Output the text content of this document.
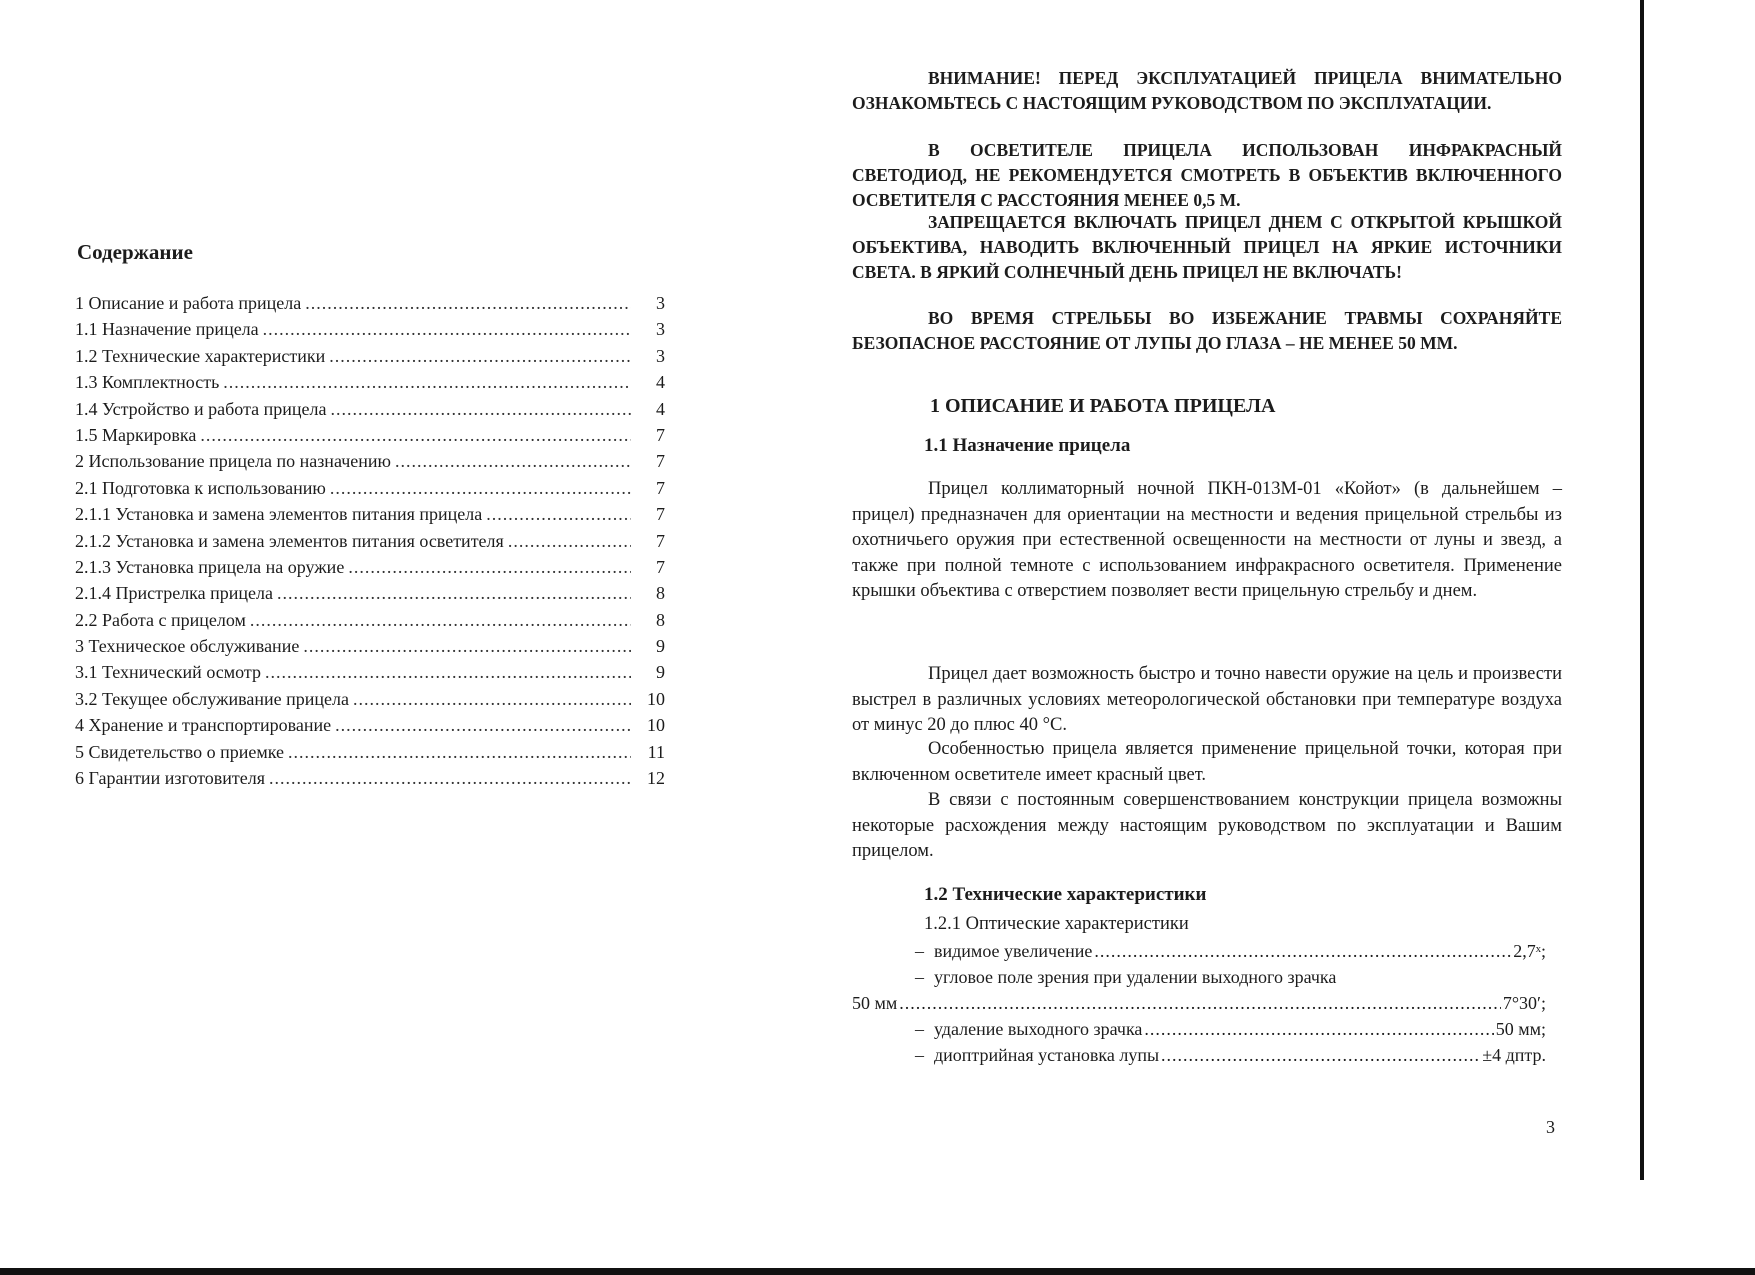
Содержание
1 Описание и работа прицела .....	3
1.1 Назначение прицела .....	3
1.2 Технические характеристики .....	3
1.3 Комплектность .....	4
1.4 Устройство и работа прицела .....	4
1.5 Маркировка .....	7
2 Использование прицела по назначению .....	7
2.1 Подготовка к использованию .....	7
2.1.1 Установка и замена элементов питания прицела .....	7
2.1.2 Установка и замена элементов питания осветителя .....	7
2.1.3 Установка прицела на оружие .....	7
2.1.4 Пристрелка прицела .....	8
2.2 Работа с прицелом .....	8
3 Техническое обслуживание .....	9
3.1 Технический осмотр .....	9
3.2 Текущее обслуживание прицела .....	10
4 Хранение и транспортирование .....	10
5 Свидетельство о приемке .....	11
6 Гарантии изготовителя .....	12

ВНИМАНИЕ! ПЕРЕД ЭКСПЛУАТАЦИЕЙ ПРИЦЕЛА ВНИМАТЕЛЬНО ОЗНАКОМЬТЕСЬ С НАСТОЯЩИМ РУКОВОДСТВОМ ПО ЭКСПЛУАТАЦИИ.

В ОСВЕТИТЕЛЕ ПРИЦЕЛА ИСПОЛЬЗОВАН ИНФРАКРАСНЫЙ СВЕТОДИОД, НЕ РЕКОМЕНДУЕТСЯ СМОТРЕТЬ В ОБЪЕКТИВ ВКЛЮЧЕННОГО ОСВЕТИТЕЛЯ С РАССТОЯНИЯ МЕНЕЕ 0,5 М.

ЗАПРЕЩАЕТСЯ ВКЛЮЧАТЬ ПРИЦЕЛ ДНЕМ С ОТКРЫТОЙ КРЫШКОЙ ОБЪЕКТИВА, НАВОДИТЬ ВКЛЮЧЕННЫЙ ПРИЦЕЛ НА ЯРКИЕ ИСТОЧНИКИ СВЕТА. В ЯРКИЙ СОЛНЕЧНЫЙ ДЕНЬ ПРИЦЕЛ НЕ ВКЛЮЧАТЬ!

ВО ВРЕМЯ СТРЕЛЬБЫ ВО ИЗБЕЖАНИЕ ТРАВМЫ СОХРАНЯЙТЕ БЕЗОПАСНОЕ РАССТОЯНИЕ ОТ ЛУПЫ ДО ГЛАЗА – НЕ МЕНЕЕ 50 ММ.

1 ОПИСАНИЕ И РАБОТА ПРИЦЕЛА
1.1 Назначение прицела

Прицел коллиматорный ночной ПКН-013М-01 «Койот» (в дальнейшем – прицел) предназначен для ориентации на местности и ведения прицельной стрельбы из охотничьего оружия при естественной освещенности на местности от луны и звезд, а также при полной темноте с использованием инфракрасного осветителя. Применение крышки объектива с отверстием позволяет вести прицельную стрельбу и днем.

Прицел дает возможность быстро и точно навести оружие на цель и произвести выстрел в различных условиях метеорологической обстановки при температуре воздуха от минус 20 до плюс 40 °С.

Особенностью прицела является применение прицельной точки, которая при включенном осветителе имеет красный цвет.

В связи с постоянным совершенствованием конструкции прицела возможны некоторые расхождения между настоящим руководством по эксплуатации и Вашим прицелом.

1.2 Технические характеристики
1.2.1 Оптические характеристики
– видимое увеличение .....	2,7ˣ;
– угловое поле зрения при удалении выходного зрачка
50 мм .....	7°30′;
– удаление выходного зрачка .....	50 мм;
– диоптрийная установка лупы .....	±4 дптр.
3
